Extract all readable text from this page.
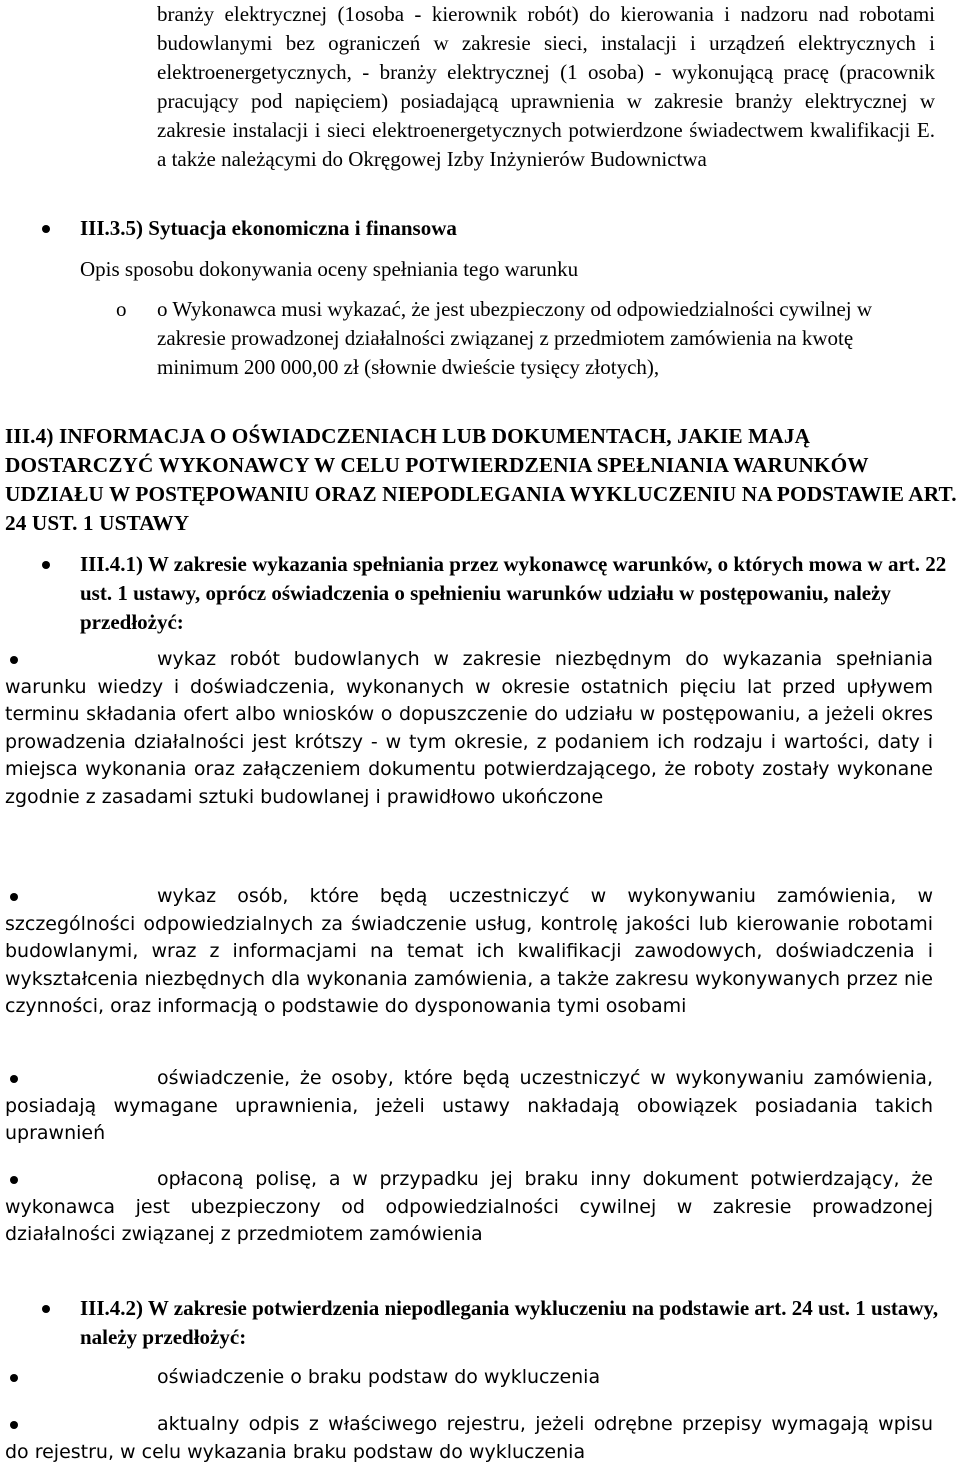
branży elektrycznej (1osoba - kierownik robót) do kierowania i nadzoru nad robotami budowlanymi bez ograniczeń w zakresie sieci, instalacji i urządzeń elektrycznych i elektroenergetycznych, - branży elektrycznej (1 osoba) - wykonującą pracę (pracownik pracujący pod napięciem) posiadającą uprawnienia w zakresie branży elektrycznej w zakresie instalacji i sieci elektroenergetycznych potwierdzone świadectwem kwalifikacji E. a także należącymi do Okręgowej Izby Inżynierów Budownictwa
III.3.5) Sytuacja ekonomiczna i finansowa
Opis sposobu dokonywania oceny spełniania tego warunku
o o Wykonawca musi wykazać, że jest ubezpieczony od odpowiedzialności cywilnej w zakresie prowadzonej działalności związanej z przedmiotem zamówienia na kwotę minimum 200 000,00 zł (słownie dwieście tysięcy złotych),
III.4) INFORMACJA O OŚWIADCZENIACH LUB DOKUMENTACH, JAKIE MAJĄ DOSTARCZYĆ WYKONAWCY W CELU POTWIERDZENIA SPEŁNIANIA WARUNKÓW UDZIAŁU W POSTĘPOWANIU ORAZ NIEPODLEGANIA WYKLUCZENIU NA PODSTAWIE ART. 24 UST. 1 USTAWY
III.4.1) W zakresie wykazania spełniania przez wykonawcę warunków, o których mowa w art. 22 ust. 1 ustawy, oprócz oświadczenia o spełnieniu warunków udziału w postępowaniu, należy przedłożyć:
wykaz robót budowlanych w zakresie niezbędnym do wykazania spełniania warunku wiedzy i doświadczenia, wykonanych w okresie ostatnich pięciu lat przed upływem terminu składania ofert albo wniosków o dopuszczenie do udziału w postępowaniu, a jeżeli okres prowadzenia działalności jest krótszy - w tym okresie, z podaniem ich rodzaju i wartości, daty i miejsca wykonania oraz załączeniem dokumentu potwierdzającego, że roboty zostały wykonane zgodnie z zasadami sztuki budowlanej i prawidłowo ukończone
wykaz osób, które będą uczestniczyć w wykonywaniu zamówienia, w szczególności odpowiedzialnych za świadczenie usług, kontrolę jakości lub kierowanie robotami budowlanymi, wraz z informacjami na temat ich kwalifikacji zawodowych, doświadczenia i wykształcenia niezbędnych dla wykonania zamówienia, a także zakresu wykonywanych przez nie czynności, oraz informacją o podstawie do dysponowania tymi osobami
oświadczenie, że osoby, które będą uczestniczyć w wykonywaniu zamówienia, posiadają wymagane uprawnienia, jeżeli ustawy nakładają obowiązek posiadania takich uprawnień
opłaconą polisę, a w przypadku jej braku inny dokument potwierdzający, że wykonawca jest ubezpieczony od odpowiedzialności cywilnej w zakresie prowadzonej działalności związanej z przedmiotem zamówienia
III.4.2) W zakresie potwierdzenia niepodlegania wykluczeniu na podstawie art. 24 ust. 1 ustawy, należy przedłożyć:
oświadczenie o braku podstaw do wykluczenia
aktualny odpis z właściwego rejestru, jeżeli odrębne przepisy wymagają wpisu do rejestru, w celu wykazania braku podstaw do wykluczenia
